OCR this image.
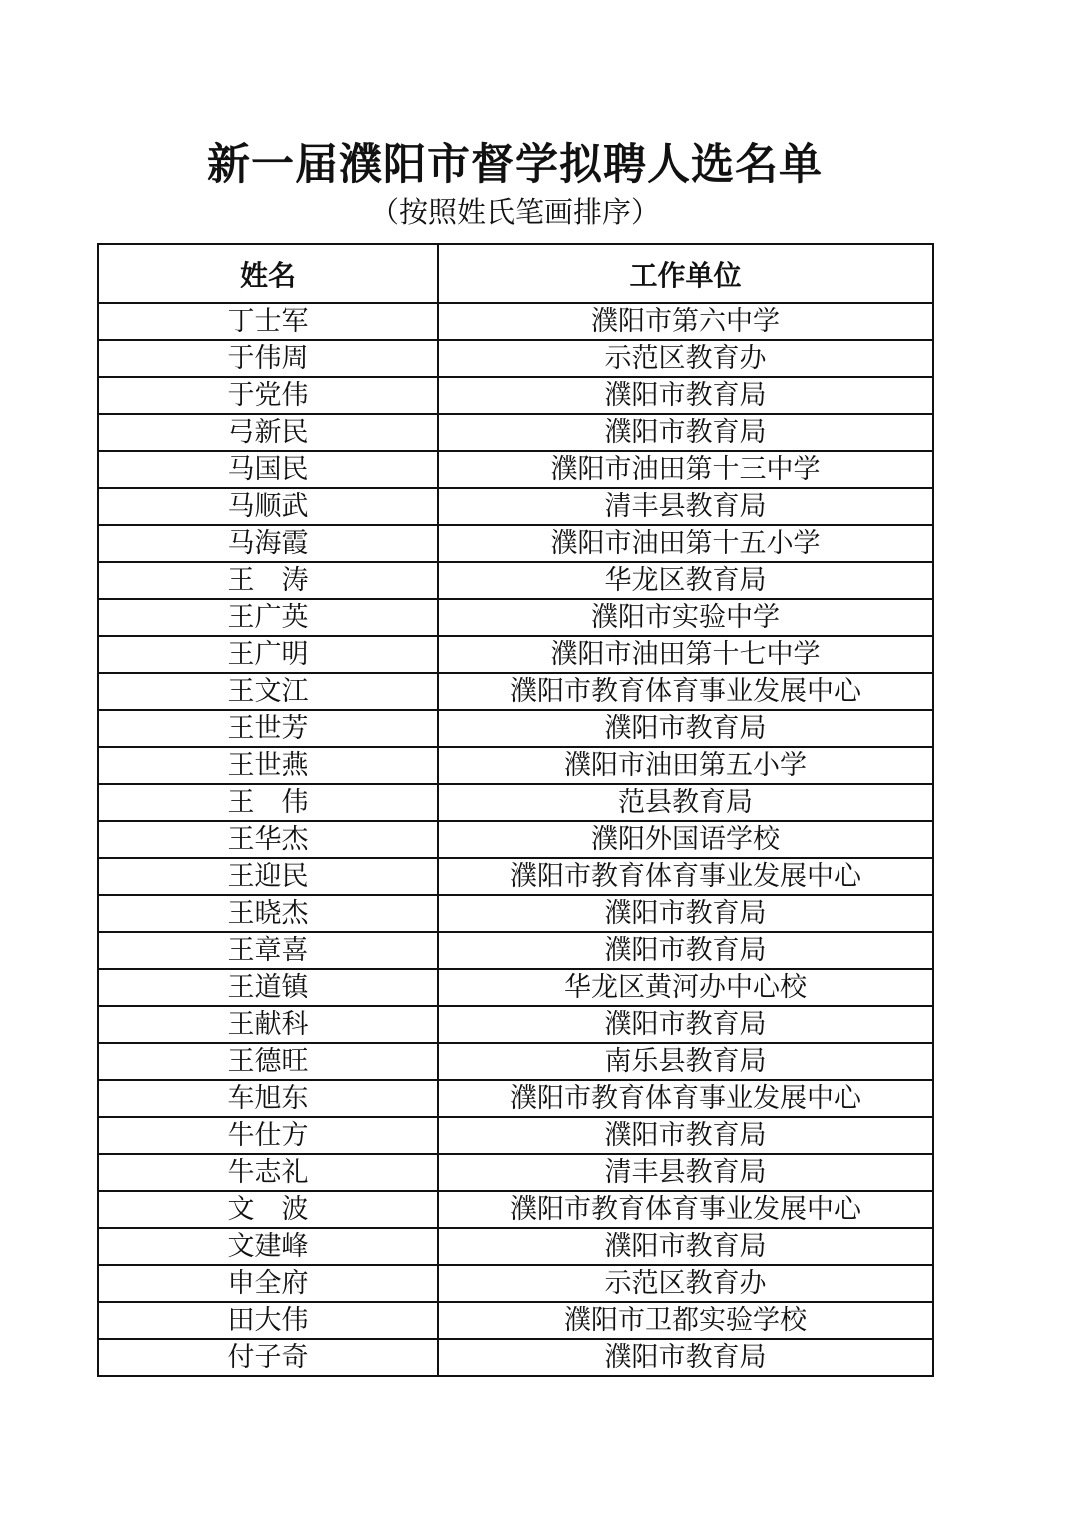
新一届濮阳市督学拟聘人选名单
（按照姓氏笔画排序）
姓名	工作单位
丁士军	濮阳市第六中学
于伟周	示范区教育办
于党伟	濮阳市教育局
弓新民	濮阳市教育局
马国民	濮阳市油田第十三中学
马顺武	清丰县教育局
马海霞	濮阳市油田第十五小学
王　涛	华龙区教育局
王广英	濮阳市实验中学
王广明	濮阳市油田第十七中学
王文江	濮阳市教育体育事业发展中心
王世芳	濮阳市教育局
王世燕	濮阳市油田第五小学
王　伟	范县教育局
王华杰	濮阳外国语学校
王迎民	濮阳市教育体育事业发展中心
王晓杰	濮阳市教育局
王章喜	濮阳市教育局
王道镇	华龙区黄河办中心校
王献科	濮阳市教育局
王德旺	南乐县教育局
车旭东	濮阳市教育体育事业发展中心
牛仕方	濮阳市教育局
牛志礼	清丰县教育局
文　波	濮阳市教育体育事业发展中心
文建峰	濮阳市教育局
申全府	示范区教育办
田大伟	濮阳市卫都实验学校
付子奇	濮阳市教育局
